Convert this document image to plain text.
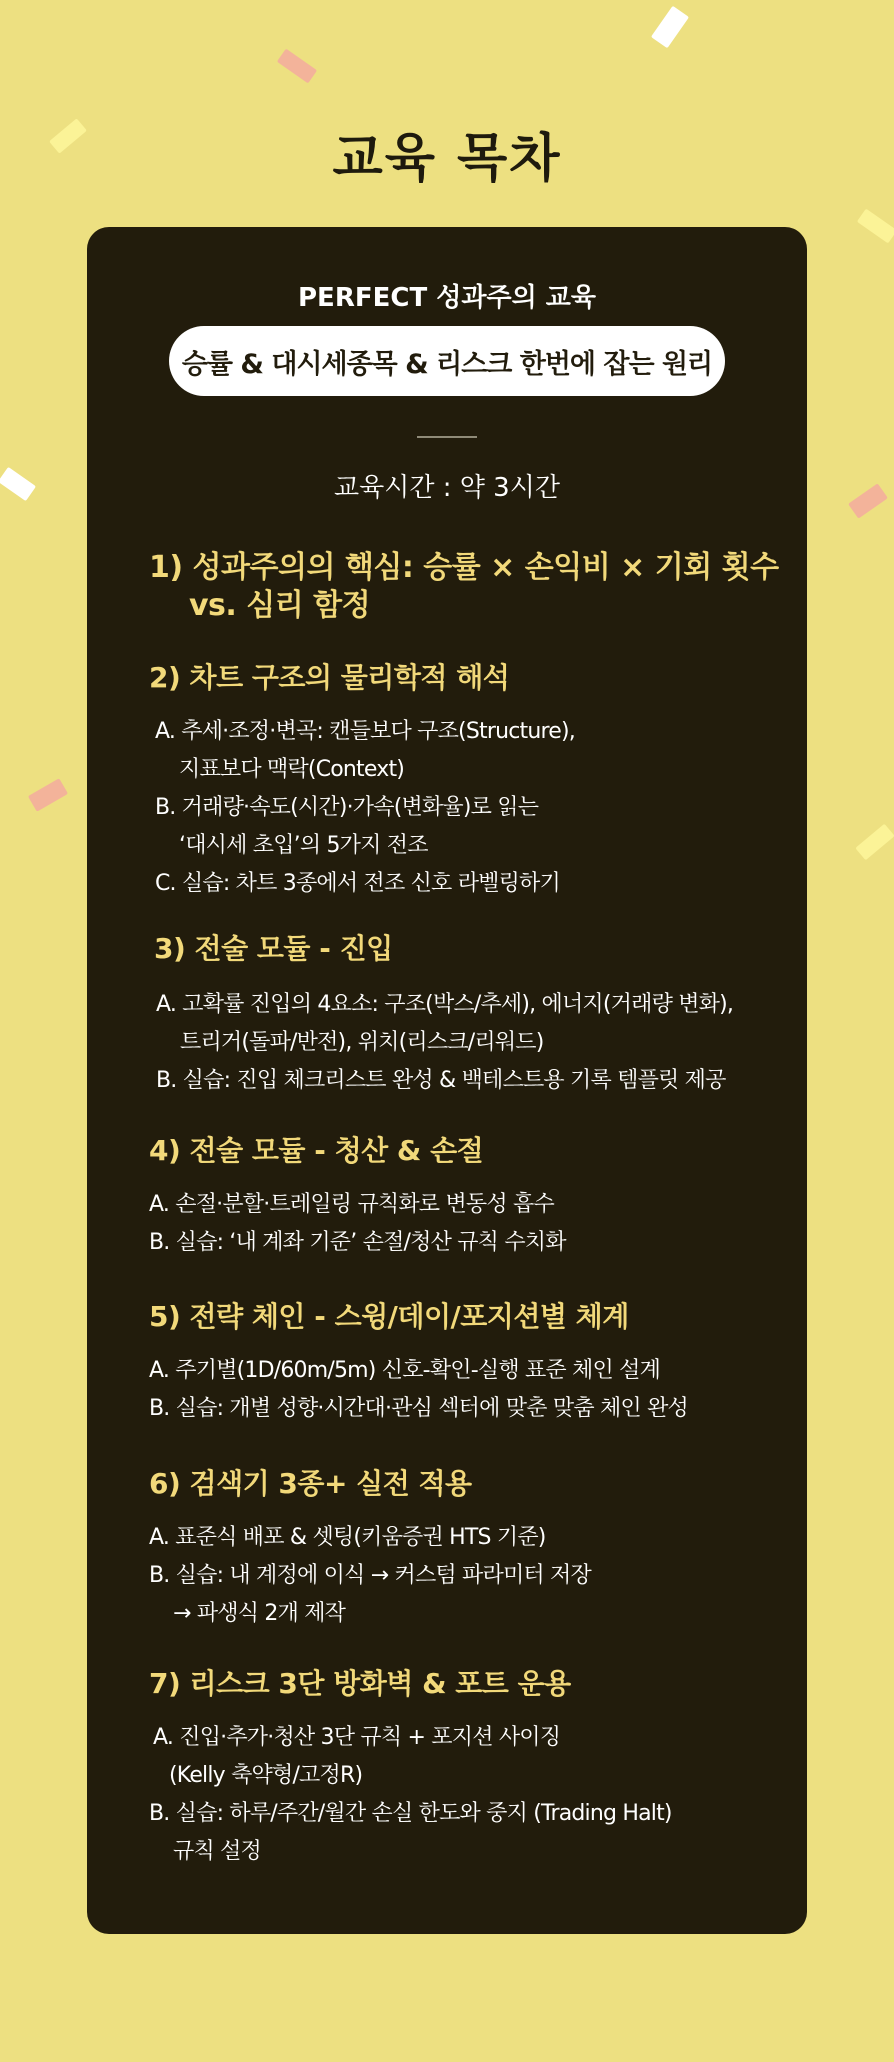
교육 목차
PERFECT 성과주의 교육
승률 & 대시세종목 & 리스크 한번에 잡는 원리
교육시간 : 약 3시간
1) 성과주의의 핵심: 승률 × 손익비 × 기회 횟수
vs. 심리 함정
2) 차트 구조의 물리학적 해석
A. 추세·조정·변곡: 캔들보다 구조(Structure),
지표보다 맥락(Context)
B. 거래량·속도(시간)·가속(변화율)로 읽는
‘대시세 초입’의 5가지 전조
C. 실습: 차트 3종에서 전조 신호 라벨링하기
3) 전술 모듈 - 진입
A. 고확률 진입의 4요소: 구조(박스/추세), 에너지(거래량 변화),
트리거(돌파/반전), 위치(리스크/리워드)
B. 실습: 진입 체크리스트 완성 & 백테스트용 기록 템플릿 제공
4) 전술 모듈 - 청산 & 손절
A. 손절·분할·트레일링 규칙화로 변동성 흡수
B. 실습: ‘내 계좌 기준’ 손절/청산 규칙 수치화
5) 전략 체인 - 스윙/데이/포지션별 체계
A. 주기별(1D/60m/5m) 신호-확인-실행 표준 체인 설계
B. 실습: 개별 성향·시간대·관심 섹터에 맞춘 맞춤 체인 완성
6) 검색기 3종+ 실전 적용
A. 표준식 배포 & 셋팅(키움증권 HTS 기준)
B. 실습: 내 계정에 이식 → 커스텀 파라미터 저장
→ 파생식 2개 제작
7) 리스크 3단 방화벽 & 포트 운용
A. 진입·추가·청산 3단 규칙 + 포지션 사이징
(Kelly 축약형/고정R)
B. 실습: 하루/주간/월간 손실 한도와 중지 (Trading Halt)
규칙 설정
